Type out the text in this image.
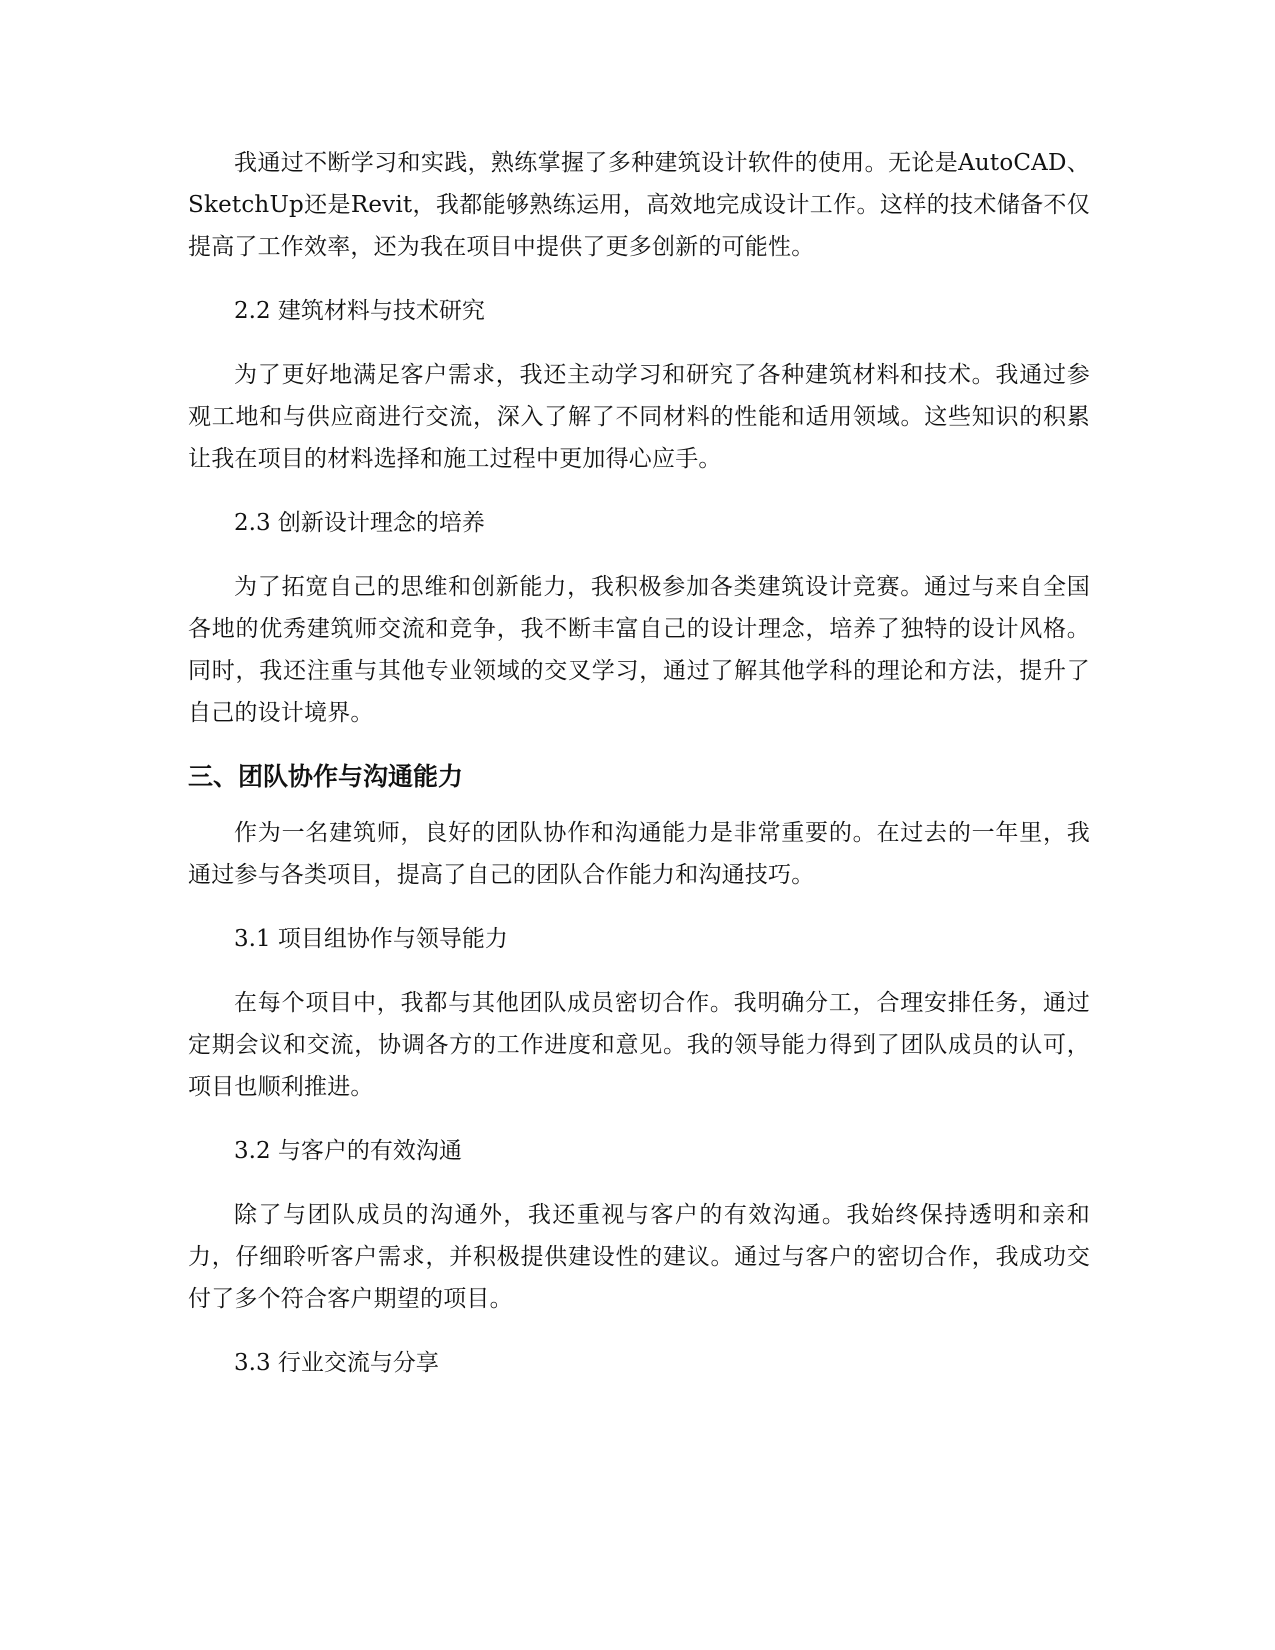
我通过不断学习和实践，熟练掌握了多种建筑设计软件的使用。无论是AutoCAD、SketchUp还是Revit，我都能够熟练运用，高效地完成设计工作。这样的技术储备不仅提高了工作效率，还为我在项目中提供了更多创新的可能性。

2.2 建筑材料与技术研究

为了更好地满足客户需求，我还主动学习和研究了各种建筑材料和技术。我通过参观工地和与供应商进行交流，深入了解了不同材料的性能和适用领域。这些知识的积累让我在项目的材料选择和施工过程中更加得心应手。

2.3 创新设计理念的培养

为了拓宽自己的思维和创新能力，我积极参加各类建筑设计竞赛。通过与来自全国各地的优秀建筑师交流和竞争，我不断丰富自己的设计理念，培养了独特的设计风格。同时，我还注重与其他专业领域的交叉学习，通过了解其他学科的理论和方法，提升了自己的设计境界。

三、团队协作与沟通能力

作为一名建筑师，良好的团队协作和沟通能力是非常重要的。在过去的一年里，我通过参与各类项目，提高了自己的团队合作能力和沟通技巧。

3.1 项目组协作与领导能力

在每个项目中，我都与其他团队成员密切合作。我明确分工，合理安排任务，通过定期会议和交流，协调各方的工作进度和意见。我的领导能力得到了团队成员的认可，项目也顺利推进。

3.2 与客户的有效沟通

除了与团队成员的沟通外，我还重视与客户的有效沟通。我始终保持透明和亲和力，仔细聆听客户需求，并积极提供建设性的建议。通过与客户的密切合作，我成功交付了多个符合客户期望的项目。

3.3 行业交流与分享
